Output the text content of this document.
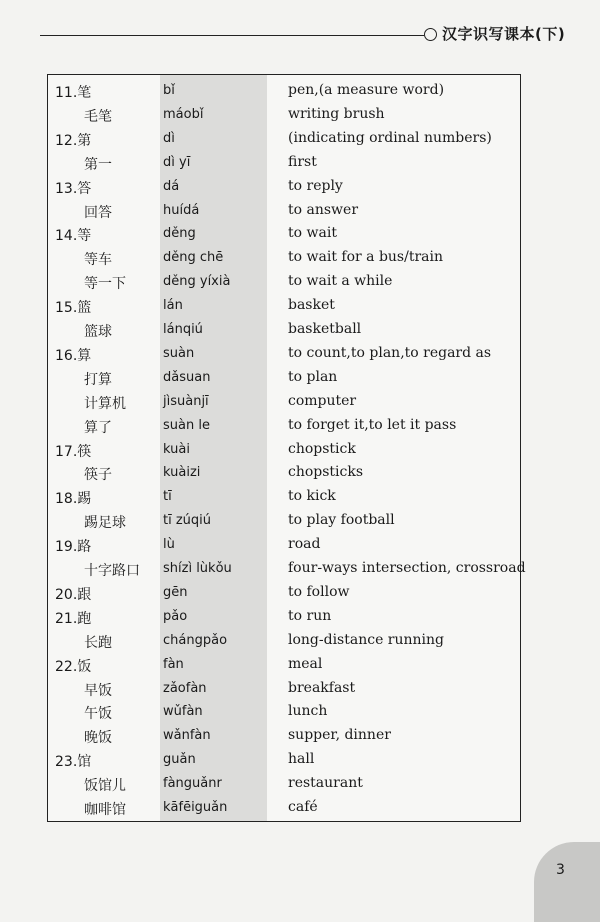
汉字识写课本(下)
11.笔	bǐ	pen,(a measure word)
毛笔	máobǐ	writing brush
12.第	dì	(indicating ordinal numbers)
第一	dì yī	first
13.答	dá	to reply
回答	huídá	to answer
14.等	děng	to wait
等车	děng chē	to wait for a bus/train
等一下	děng yíxià	to wait a while
15.篮	lán	basket
篮球	lánqiú	basketball
16.算	suàn	to count,to plan,to regard as
打算	dǎsuan	to plan
计算机	jìsuànjī	computer
算了	suàn le	to forget it,to let it pass
17.筷	kuài	chopstick
筷子	kuàizi	chopsticks
18.踢	tī	to kick
踢足球	tī zúqiú	to play football
19.路	lù	road
十字路口 shízì lùkǒu	four-ways intersection, crossroad
20.跟	gēn	to follow
21.跑	pǎo	to run
长跑	chángpǎo	long-distance running
22.饭	fàn	meal
早饭	zǎofàn	breakfast
午饭	wǔfàn	lunch
晚饭	wǎnfàn	supper, dinner
23.馆	guǎn	hall
饭馆儿	fànguǎnr	restaurant
咖啡馆	kāfēiguǎn	café
3
